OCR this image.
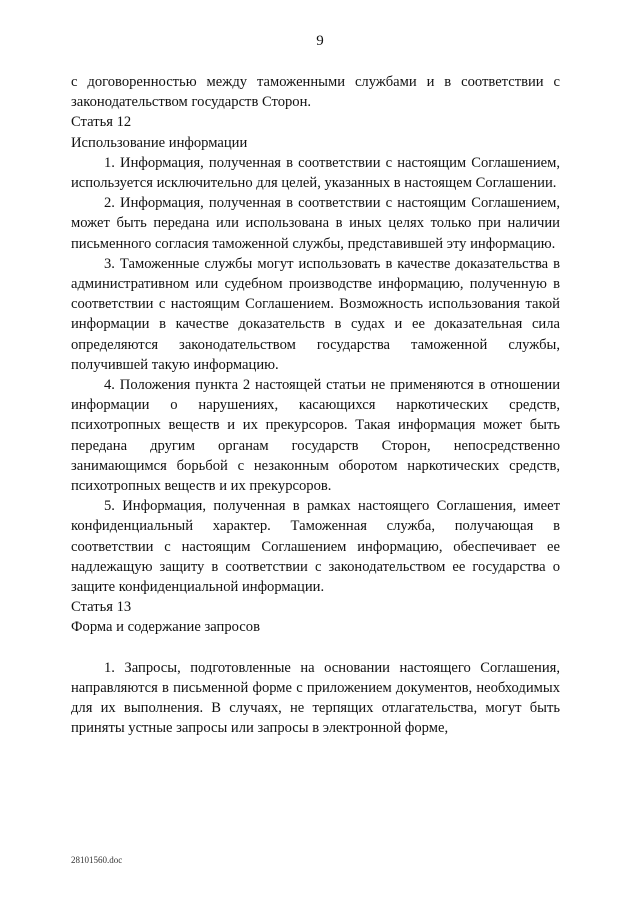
9

с договоренностью между таможенными службами и в соответствии с законодательством государств Сторон.

Статья 12

Использование информации

1. Информация, полученная в соответствии с настоящим Соглашением, используется исключительно для целей, указанных в настоящем Соглашении.

2. Информация, полученная в соответствии с настоящим Соглашением, может быть передана или использована в иных целях только при наличии письменного согласия таможенной службы, представившей эту информацию.

3. Таможенные службы могут использовать в качестве доказательства в административном или судебном производстве информацию, полученную в соответствии с настоящим Соглашением. Возможность использования такой информации в качестве доказательств в судах и ее доказательная сила определяются законодательством государства таможенной службы, получившей такую информацию.

4. Положения пункта 2 настоящей статьи не применяются в отношении информации о нарушениях, касающихся наркотических средств, психотропных веществ и их прекурсоров. Такая информация может быть передана другим органам государств Сторон, непосредственно занимающимся борьбой с незаконным оборотом наркотических средств, психотропных веществ и их прекурсоров.

5. Информация, полученная в рамках настоящего Соглашения, имеет конфиденциальный характер. Таможенная служба, получающая в соответствии с настоящим Соглашением информацию, обеспечивает ее надлежащую защиту в соответствии с законодательством ее государства о защите конфиденциальной информации.

Статья 13

Форма и содержание запросов

1. Запросы, подготовленные на основании настоящего Соглашения, направляются в письменной форме с приложением документов, необходимых для их выполнения. В случаях, не терпящих отлагательства, могут быть приняты устные запросы или запросы в электронной форме,

28101560.doc
